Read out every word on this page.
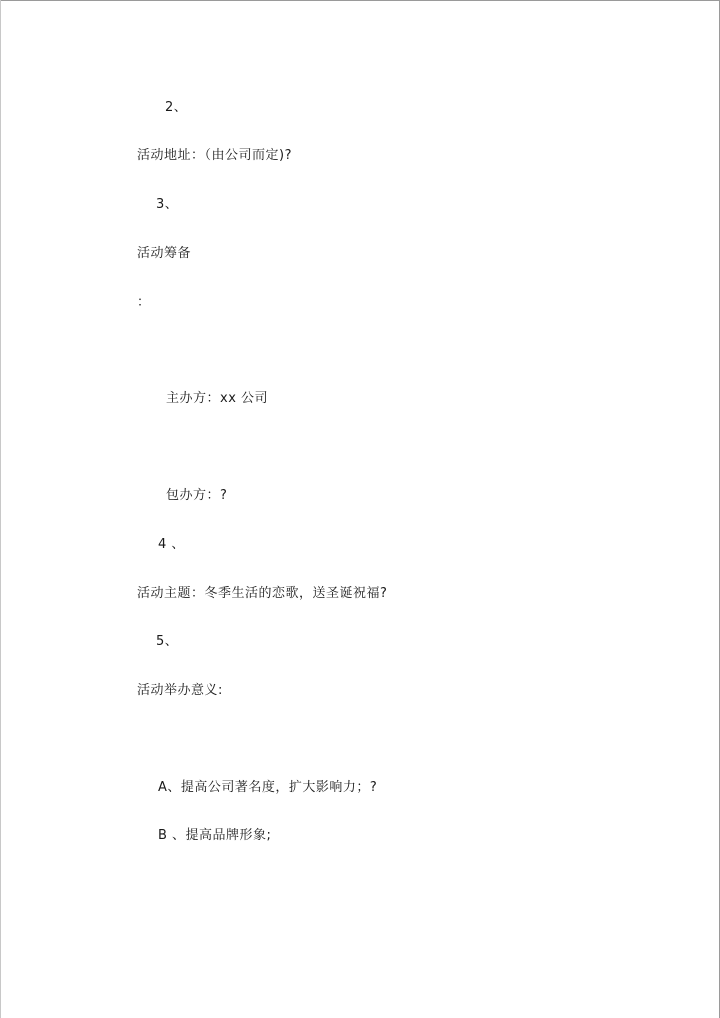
2、
活动地址：（由公司而定)?
3、
活动筹备
：
主办方：xx 公司
包办方：?
4 、
活动主题：冬季生活的恋歌，送圣诞祝福?
5、
活动举办意义:
A、提高公司著名度，扩大影响力；?
B 、提高品牌形象;
